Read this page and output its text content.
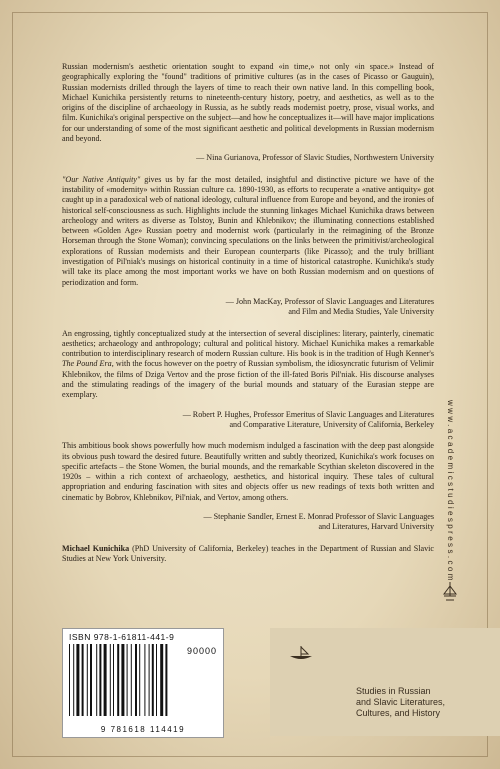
Russian modernism's aesthetic orientation sought to expand «in time,» not only «in space.» Instead of geographically exploring the "found" traditions of primitive cultures (as in the cases of Picasso or Gauguin), Russian modernists drilled through the layers of time to reach their own native land. In this compelling book, Michael Kunichika persistently returns to nineteenth-century history, poetry, and aesthetics, as well as to the origins of the discipline of archaeology in Russia, as he subtly reads modernist poetry, prose, visual works, and film. Kunichika's original perspective on the subject—and how he conceptualizes it—will have major implications for our understanding of some of the most significant aesthetic and political developments in Russian modernism and beyond.

— Nina Gurianova, Professor of Slavic Studies, Northwestern University

"Our Native Antiquity" gives us by far the most detailed, insightful and distinctive picture we have of the instability of «modernity» within Russian culture ca. 1890-1930, as efforts to recuperate a «native antiquity» got caught up in a paradoxical web of national ideology, cultural influence from Europe and beyond, and the ironies of historical self-consciousness as such. Highlights include the stunning linkages Michael Kunichika draws between archeology and writers as diverse as Tolstoy, Bunin and Khlebnikov; the illuminating connections established between «Golden Age» Russian poetry and modernist work (particularly in the reimagining of the Bronze Horseman through the Stone Woman); convincing speculations on the links between the primitivist/archeological explorations of Russian modernists and their European counterparts (like Picasso); and the truly brilliant investigation of Pil'niak's musings on historical continuity in a time of historical catastrophe. Kunichika's study will take its place among the most important works we have on both Russian modernism and on questions of periodization and form.

— John MacKay, Professor of Slavic Languages and Literatures
and Film and Media Studies, Yale University

An engrossing, tightly conceptualized study at the intersection of several disciplines: literary, painterly, cinematic aesthetics; archaeology and anthropology; cultural and political history. Michael Kunichika makes a remarkable contribution to interdisciplinary research of modern Russian culture. His book is in the tradition of Hugh Kenner's The Pound Era, with the focus however on the poetry of Russian symbolism, the idiosyncratic futurism of Velimir Khlebnikov, the films of Dziga Vertov and the prose fiction of the ill-fated Boris Pil'niak. His discourse analyses and the stimulating readings of the imagery of the burial mounds and statuary of the Eurasian steppe are exemplary.

— Robert P. Hughes, Professor Emeritus of Slavic Languages and Literatures
and Comparative Literature, University of California, Berkeley

This ambitious book shows powerfully how much modernism indulged a fascination with the deep past alongside its obvious push toward the desired future. Beautifully written and subtly theorized, Kunichika's work focuses on specific artefacts – the Stone Women, the burial mounds, and the remarkable Scythian skeleton discovered in the 1920s – within a rich context of archaeology, aesthetics, and historical inquiry. These tales of cultural appropriation and enduring fascination with sites and objects offer us new readings of texts both written and cinematic by Bobrov, Khlebnikov, Pil'niak, and Vertov, among others.

— Stephanie Sandler, Ernest E. Monrad Professor of Slavic Languages
and Literatures, Harvard University

Michael Kunichika (PhD University of California, Berkeley) teaches in the Department of Russian and Slavic Studies at New York University.	www.academicstudiespress.com
ISBN 978-1-61811-441-9
90000
9 781618 114419
Studies in Russian
and Slavic Literatures,
Cultures, and History
